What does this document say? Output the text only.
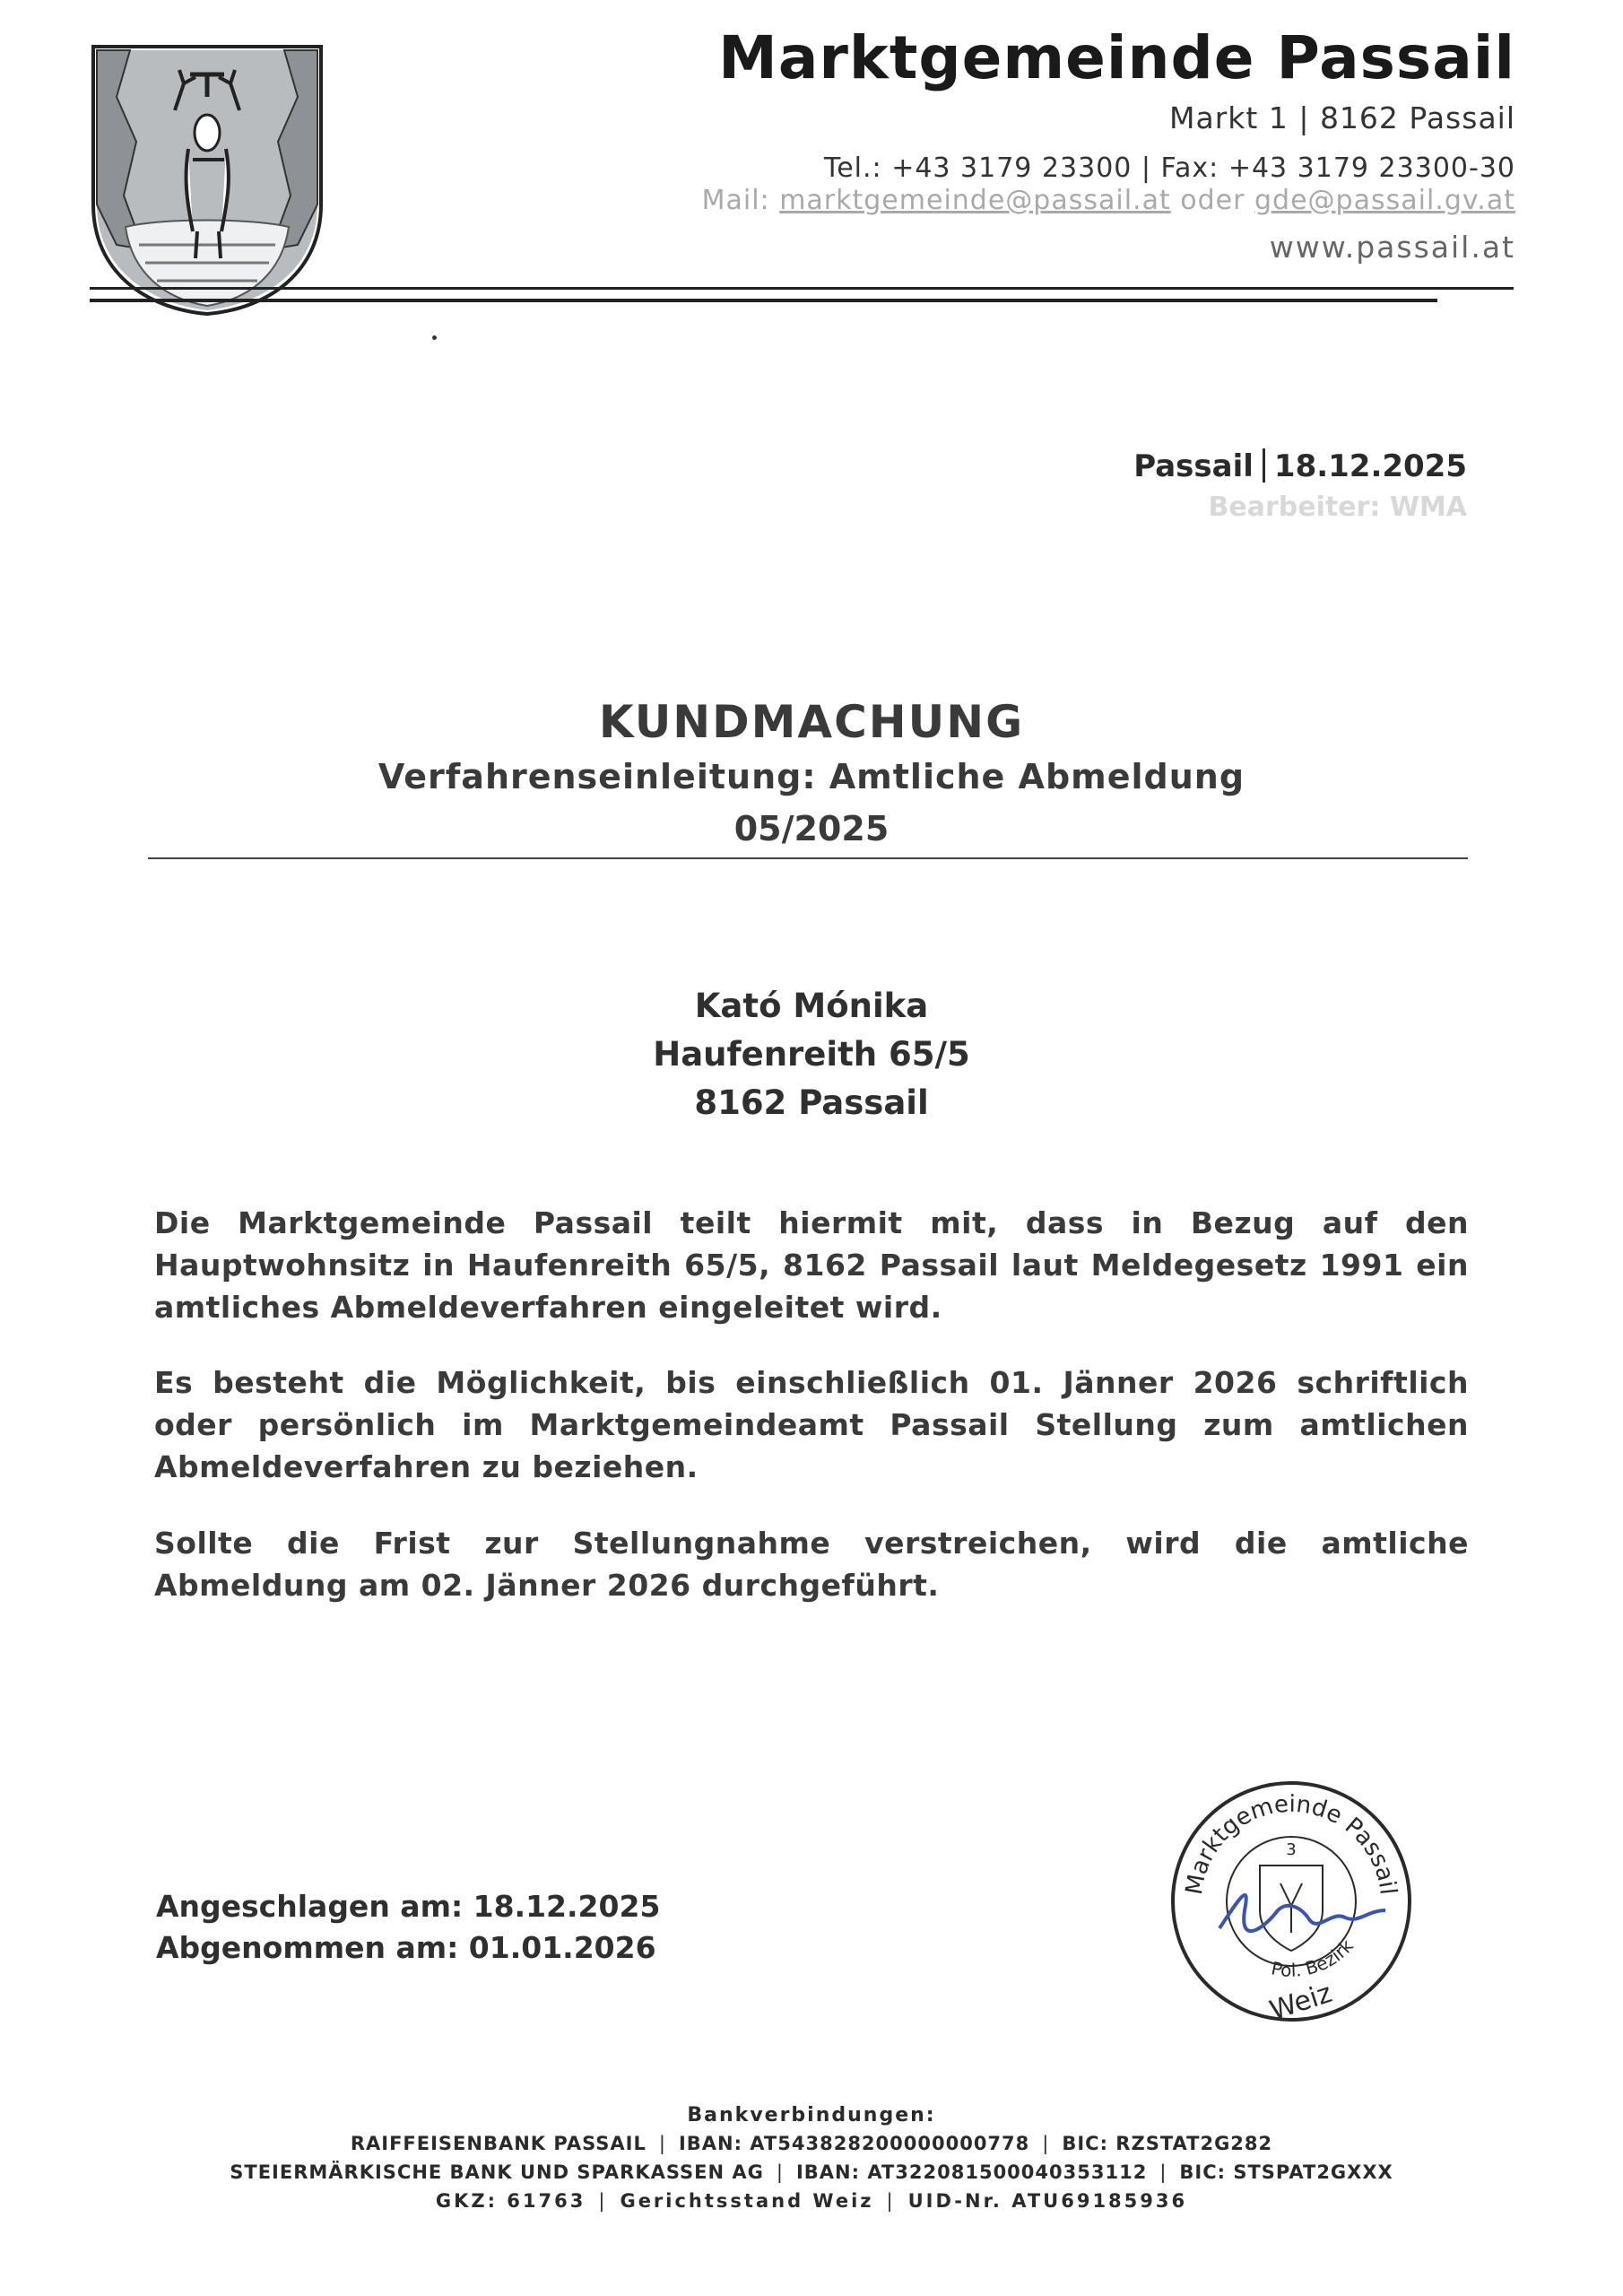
Marktgemeinde Passail
Markt 1 | 8162 Passail
Tel.: +43 3179 23300 | Fax: +43 3179 23300-30
Mail: marktgemeinde@passail.at oder gde@passail.gv.at
www.passail.at
Passail 18.12.2025
Bearbeiter: WMA
KUNDMACHUNG
Verfahrenseinleitung: Amtliche Abmeldung
05/2025
Kató Mónika
Haufenreith 65/5
8162 Passail
Die Marktgemeinde Passail teilt hiermit mit, dass in Bezug auf den Hauptwohnsitz in Haufenreith 65/5, 8162 Passail laut Meldegesetz 1991 ein amtliches Abmeldeverfahren eingeleitet wird.
Es besteht die Möglichkeit, bis einschließlich 01. Jänner 2026 schriftlich oder persönlich im Marktgemeindeamt Passail Stellung zum amtlichen Abmeldeverfahren zu beziehen.
Sollte die Frist zur Stellungnahme verstreichen, wird die amtliche Abmeldung am 02. Jänner 2026 durchgeführt.
Angeschlagen am: 18.12.2025
Abgenommen am: 01.01.2026
Marktgemeinde Passail
3
Pol. Bezirk
Weiz
Bankverbindungen:
RAIFFEISENBANK PASSAIL | IBAN: AT543828200000000778 | BIC: RZSTAT2G282
STEIERMÄRKISCHE BANK UND SPARKASSEN AG | IBAN: AT322081500040353112 | BIC: STSPAT2GXXX
GKZ: 61763 | Gerichtsstand Weiz | UID-Nr. ATU69185936
